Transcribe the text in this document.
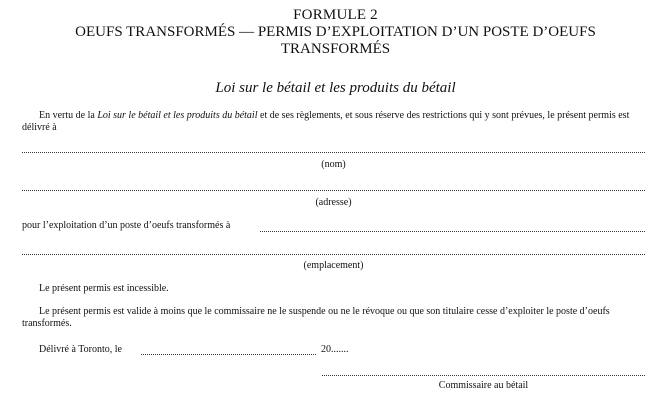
FORMULE 2
OEUFS TRANSFORMÉS — PERMIS D’EXPLOITATION D’UN POSTE D’OEUFS
TRANSFORMÉS
Loi sur le bétail et les produits du bétail
En vertu de la Loi sur le bétail et les produits du bétail et de ses règlements, et sous réserve des restrictions qui y sont prévues, le présent permis est délivré à
(nom)
(adresse)
pour l’exploitation d’un poste d’oeufs transformés à
(emplacement)
Le présent permis est incessible.
Le présent permis est valide à moins que le commissaire ne le suspende ou ne le révoque ou que son titulaire cesse d’exploiter le poste d’oeufs transformés.
Délivré à Toronto, le	20.......
Commissaire au bétail
